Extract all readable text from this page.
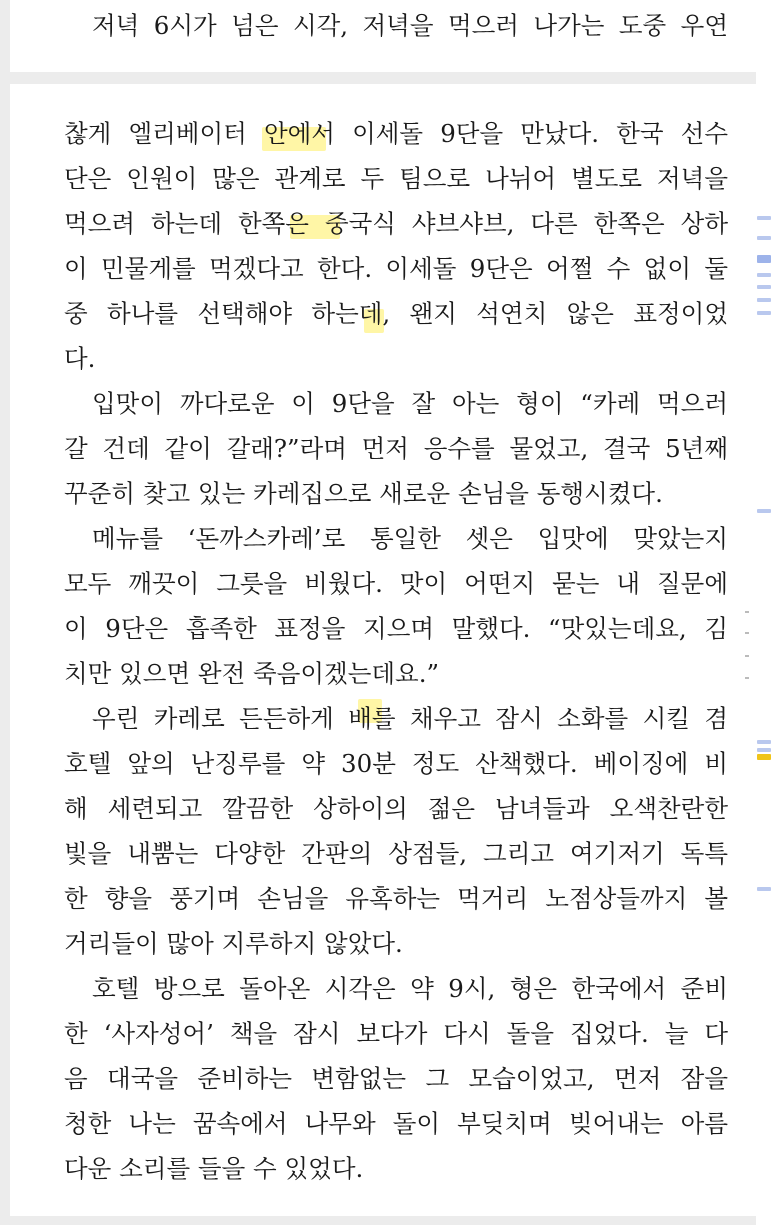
저녁 6시가 넘은 시각, 저녁을 먹으러 나가는 도중 우연
찮게 엘리베이터 안에서 이세돌 9단을 만났다. 한국 선수
단은 인원이 많은 관계로 두 팀으로 나뉘어 별도로 저녁을
먹으려 하는데 한쪽은 중국식 샤브샤브, 다른 한쪽은 상하
이 민물게를 먹겠다고 한다. 이세돌 9단은 어쩔 수 없이 둘
중 하나를 선택해야 하는데, 왠지 석연치 않은 표정이었
다.
입맛이 까다로운 이 9단을 잘 아는 형이 “카레 먹으러
갈 건데 같이 갈래?”라며 먼저 응수를 물었고, 결국 5년째
꾸준히 찾고 있는 카레집으로 새로운 손님을 동행시켰다.
메뉴를 ‘돈까스카레’로 통일한 셋은 입맛에 맞았는지
모두 깨끗이 그릇을 비웠다. 맛이 어떤지 묻는 내 질문에
이 9단은 흡족한 표정을 지으며 말했다. “맛있는데요, 김
치만 있으면 완전 죽음이겠는데요.”
우린 카레로 든든하게 배를 채우고 잠시 소화를 시킬 겸
호텔 앞의 난징루를 약 30분 정도 산책했다. 베이징에 비
해 세련되고 깔끔한 상하이의 젊은 남녀들과 오색찬란한
빛을 내뿜는 다양한 간판의 상점들, 그리고 여기저기 독특
한 향을 풍기며 손님을 유혹하는 먹거리 노점상들까지 볼
거리들이 많아 지루하지 않았다.
호텔 방으로 돌아온 시각은 약 9시, 형은 한국에서 준비
한 ‘사자성어’ 책을 잠시 보다가 다시 돌을 집었다. 늘 다
음 대국을 준비하는 변함없는 그 모습이었고, 먼저 잠을
청한 나는 꿈속에서 나무와 돌이 부딪치며 빚어내는 아름
다운 소리를 들을 수 있었다.
